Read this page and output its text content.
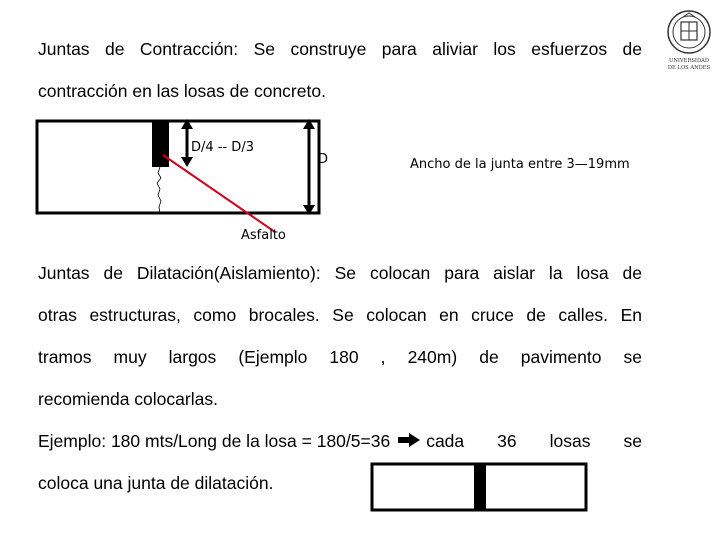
UNIVERSIDAD
DE LOS ANDES
Juntas de Contracción: Se construye para aliviar los esfuerzos de
contracción en las losas de concreto.
D/4 -- D/3
D	Ancho de la junta entre 3—19mm
Asfalto
Juntas de Dilatación(Aislamiento): Se colocan para aislar la losa de
otras estructuras, como brocales. Se colocan en cruce de calles. En
tramos muy largos (Ejemplo 180 , 240m) de pavimento se
recomienda colocarlas.
Ejemplo: 180 mts/Long de la losa = 180/5=36 cada 36 losas se
coloca una junta de dilatación.
